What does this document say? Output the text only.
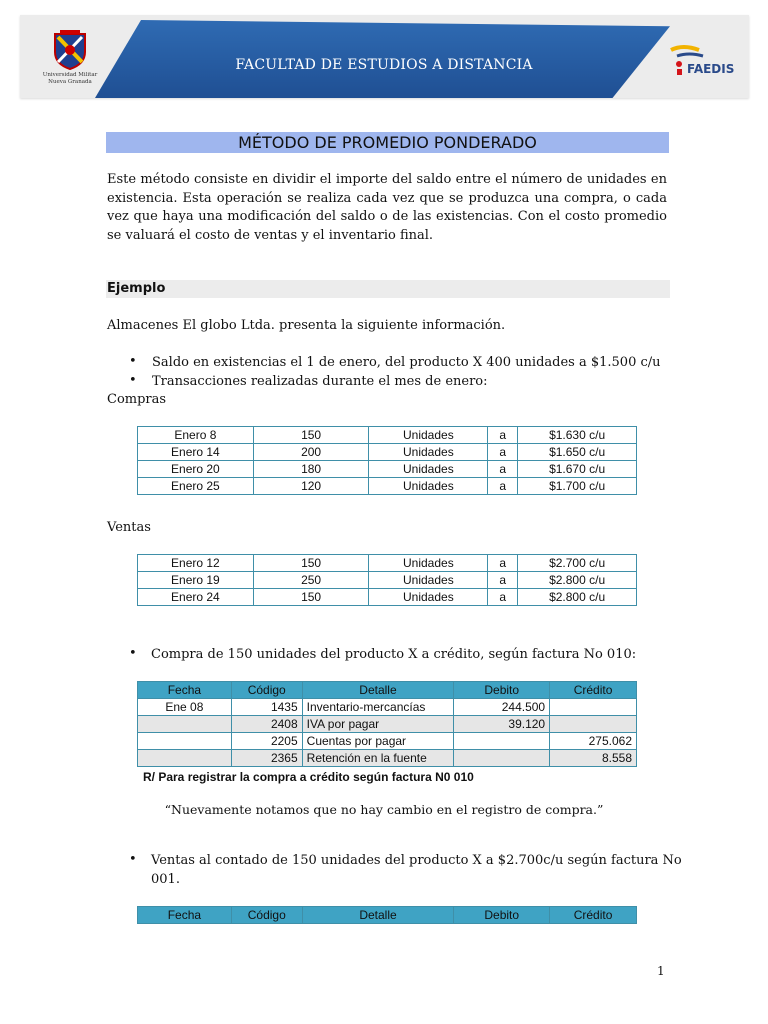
FACULTAD DE ESTUDIOS A DISTANCIA
Universidad Militar
Nueva Granada
FAEDIS
MÉTODO DE PROMEDIO PONDERADO
Este método consiste en dividir el importe del saldo entre el número de unidades en existencia. Esta operación se realiza cada vez que se produzca una compra, o cada vez que haya una modificación del saldo o de las existencias. Con el costo promedio se valuará el costo de ventas y el inventario final.
Ejemplo
Almacenes El globo Ltda. presenta la siguiente información.
• Saldo en existencias el 1 de enero, del producto X 400 unidades a $1.500 c/u
• Transacciones realizadas durante el mes de enero:
Compras
Enero 8	150	Unidades	a	$1.630 c/u
Enero 14	200	Unidades	a	$1.650 c/u
Enero 20	180	Unidades	a	$1.670 c/u
Enero 25	120	Unidades	a	$1.700 c/u
Ventas
Enero 12	150	Unidades	a	$2.700 c/u
Enero 19	250	Unidades	a	$2.800 c/u
Enero 24	150	Unidades	a	$2.800 c/u
• Compra de 150 unidades del producto X a crédito, según factura No 010:
Fecha	Código	Detalle	Debito	Crédito
Ene 08	1435	Inventario-mercancías	244.500	
	2408	IVA por pagar	39.120	
	2205	Cuentas por pagar		275.062
	2365	Retención en la fuente		8.558
R/ Para registrar la compra a crédito según factura N0 010
“Nuevamente notamos que no hay cambio en el registro de compra.”
• Ventas al contado de 150 unidades del producto X a $2.700c/u según factura No
001.
Fecha	Código	Detalle	Debito	Crédito
1
